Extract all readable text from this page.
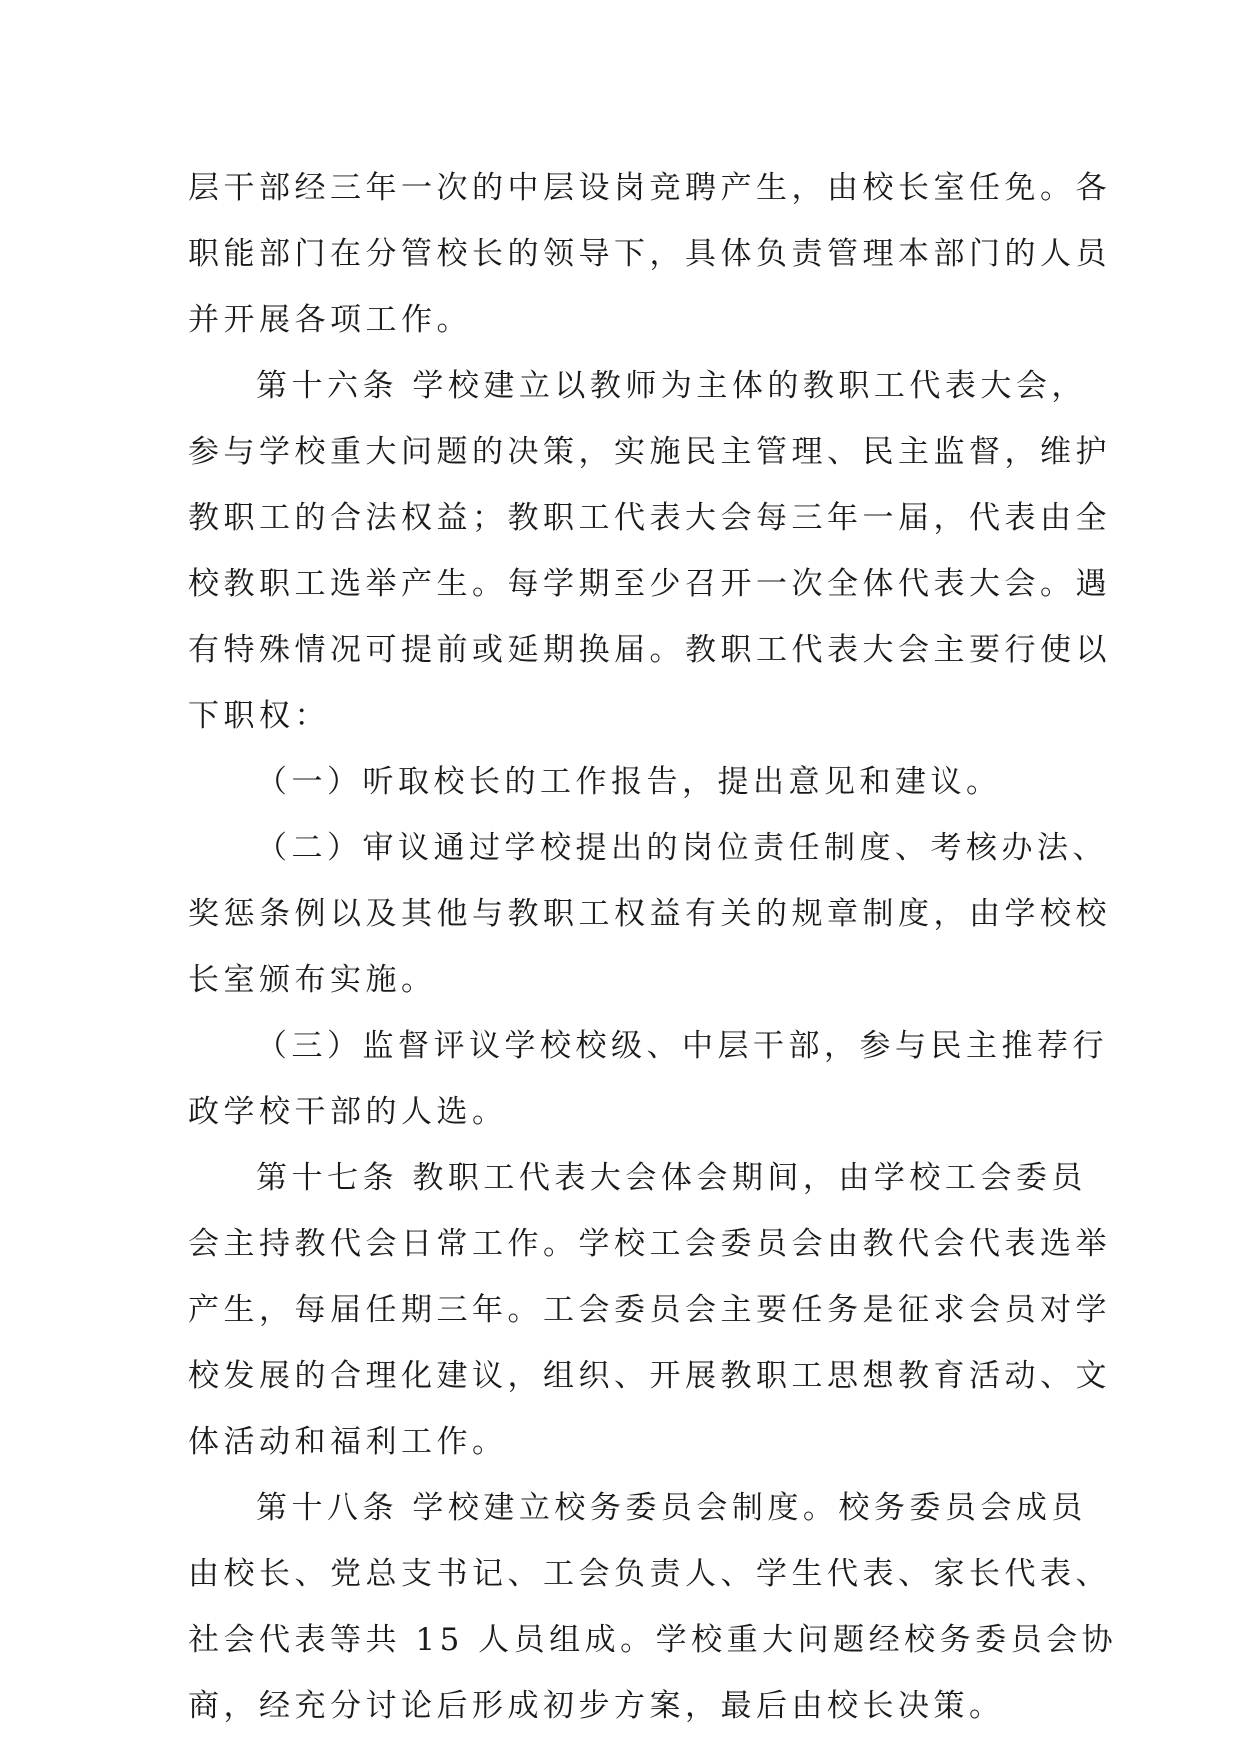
层干部经三年一次的中层设岗竞聘产生，由校长室任免。各
职能部门在分管校长的领导下，具体负责管理本部门的人员
并开展各项工作。
第十六条 学校建立以教师为主体的教职工代表大会，
参与学校重大问题的决策，实施民主管理、民主监督，维护
教职工的合法权益；教职工代表大会每三年一届，代表由全
校教职工选举产生。每学期至少召开一次全体代表大会。遇
有特殊情况可提前或延期换届。教职工代表大会主要行使以
下职权：
（一）听取校长的工作报告，提出意见和建议。
（二）审议通过学校提出的岗位责任制度、考核办法、
奖惩条例以及其他与教职工权益有关的规章制度，由学校校
长室颁布实施。
（三）监督评议学校校级、中层干部，参与民主推荐行
政学校干部的人选。
第十七条 教职工代表大会体会期间，由学校工会委员
会主持教代会日常工作。学校工会委员会由教代会代表选举
产生，每届任期三年。工会委员会主要任务是征求会员对学
校发展的合理化建议，组织、开展教职工思想教育活动、文
体活动和福利工作。
第十八条 学校建立校务委员会制度。校务委员会成员
由校长、党总支书记、工会负责人、学生代表、家长代表、
社会代表等共 15 人员组成。学校重大问题经校务委员会协
商，经充分讨论后形成初步方案，最后由校长决策。
